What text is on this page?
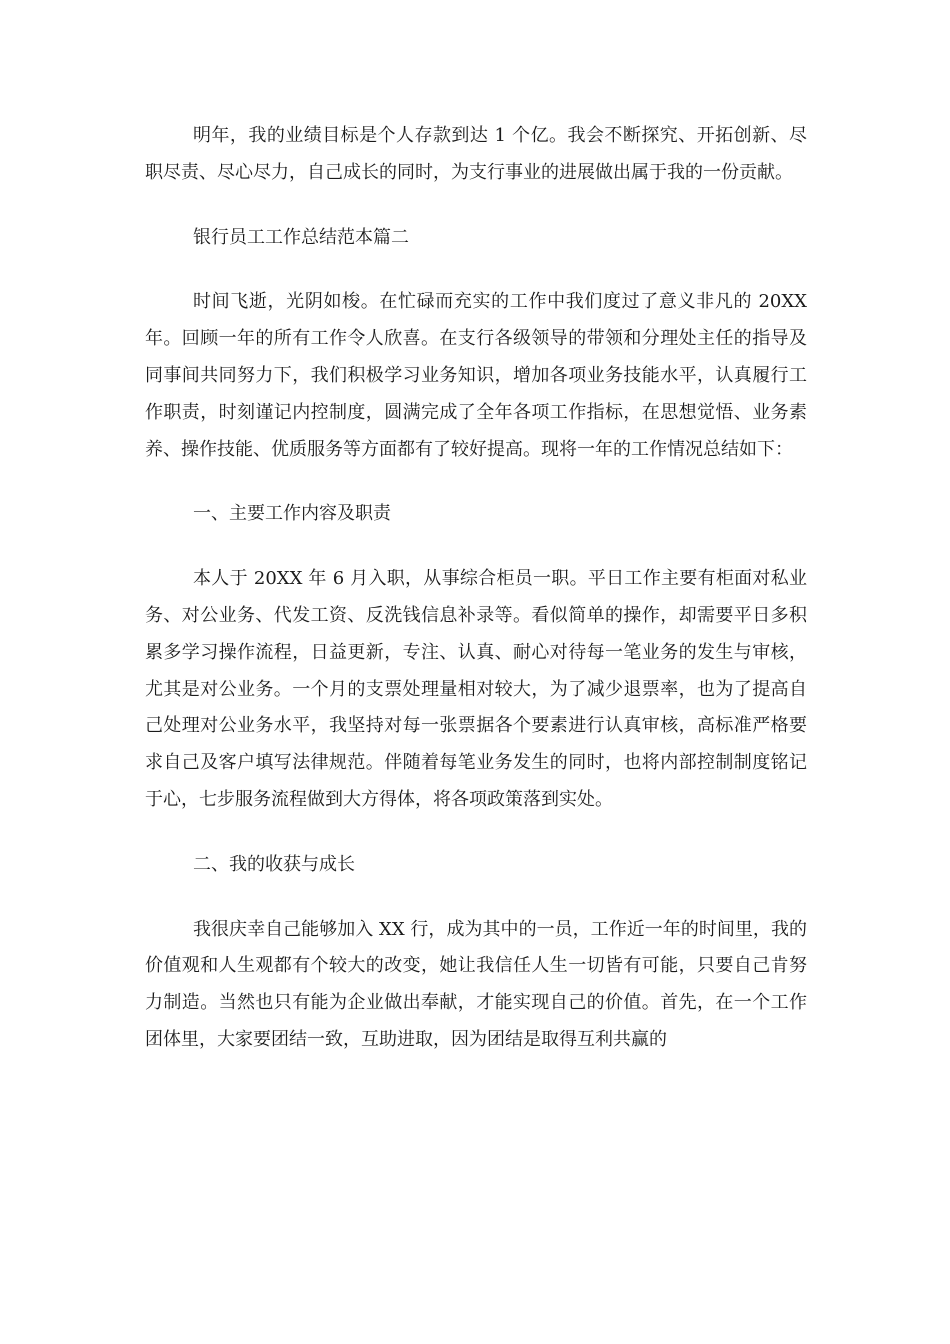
明年，我的业绩目标是个人存款到达 1 个亿。我会不断探究、开拓创新、尽职尽责、尽心尽力，自己成长的同时，为支行事业的进展做出属于我的一份贡献。

银行员工工作总结范本篇二

时间飞逝，光阴如梭。在忙碌而充实的工作中我们度过了意义非凡的 20XX 年。回顾一年的所有工作令人欣喜。在支行各级领导的带领和分理处主任的指导及同事间共同努力下，我们积极学习业务知识，增加各项业务技能水平，认真履行工作职责，时刻谨记内控制度，圆满完成了全年各项工作指标，在思想觉悟、业务素养、操作技能、优质服务等方面都有了较好提高。现将一年的工作情况总结如下：

一、主要工作内容及职责

本人于 20XX 年 6 月入职，从事综合柜员一职。平日工作主要有柜面对私业务、对公业务、代发工资、反洗钱信息补录等。看似简单的操作，却需要平日多积累多学习操作流程，日益更新，专注、认真、耐心对待每一笔业务的发生与审核，尤其是对公业务。一个月的支票处理量相对较大，为了减少退票率，也为了提高自己处理对公业务水平，我坚持对每一张票据各个要素进行认真审核，高标准严格要求自己及客户填写法律规范。伴随着每笔业务发生的同时，也将内部控制制度铭记于心，七步服务流程做到大方得体，将各项政策落到实处。

二、我的收获与成长

我很庆幸自己能够加入 XX 行，成为其中的一员，工作近一年的时间里，我的价值观和人生观都有个较大的改变，她让我信任人生一切皆有可能，只要自己肯努力制造。当然也只有能为企业做出奉献，才能实现自己的价值。首先，在一个工作团体里，大家要团结一致，互助进取，因为团结是取得互利共赢的
